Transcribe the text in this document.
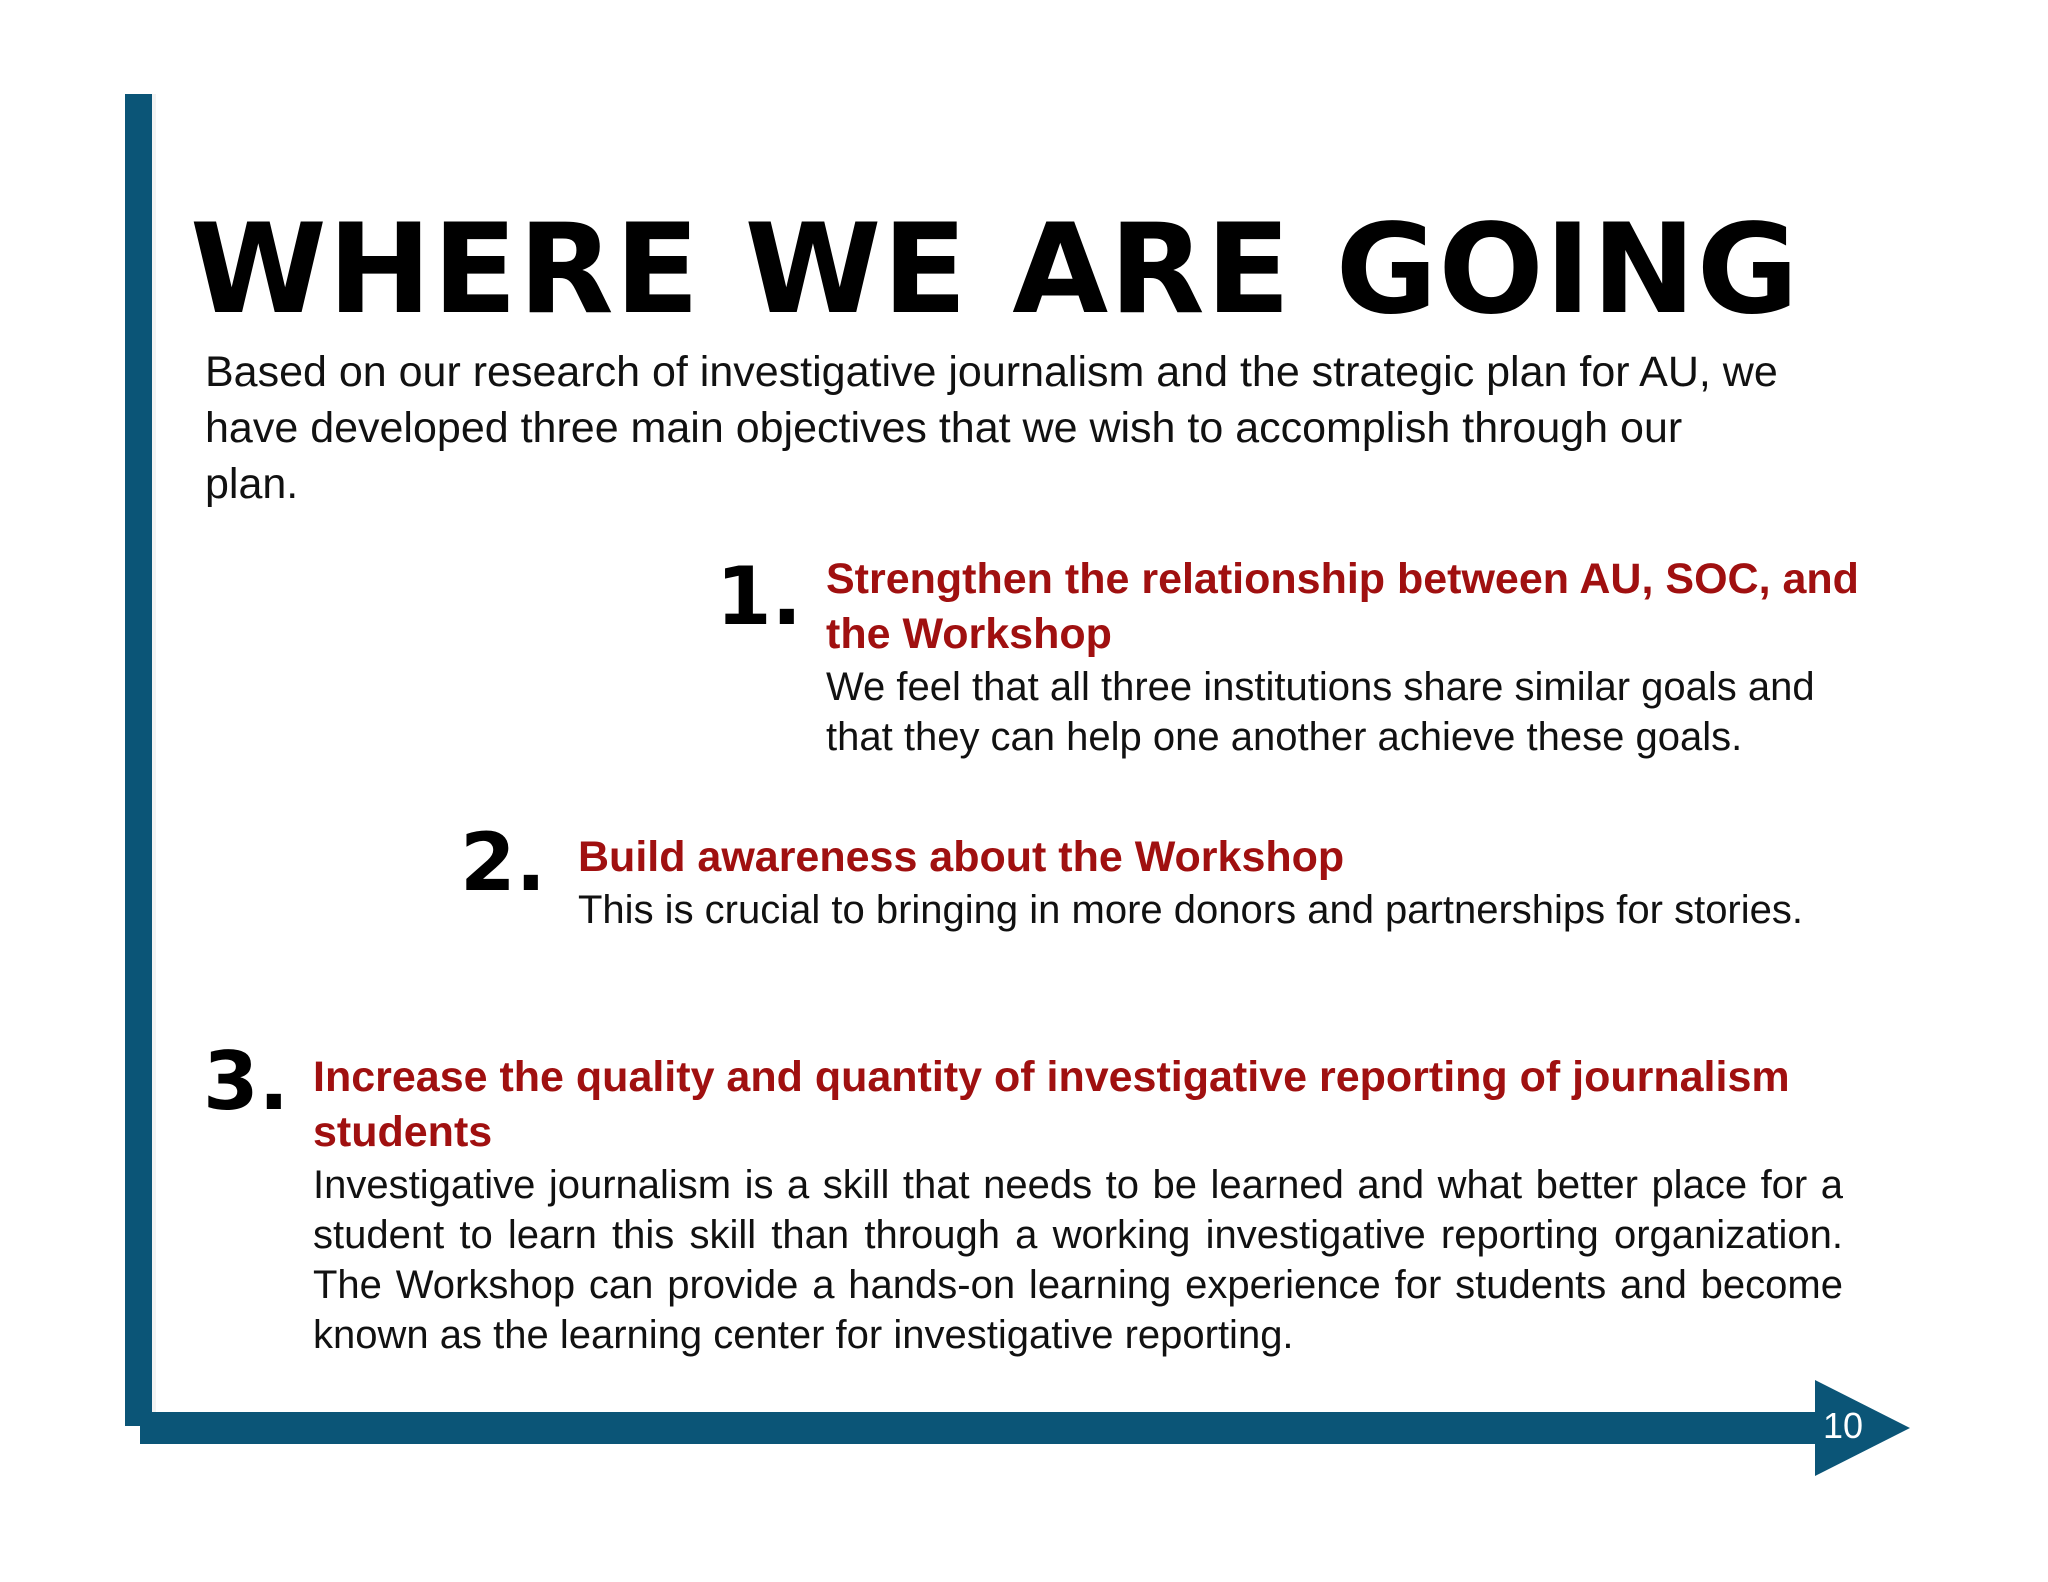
10
WHERE WE ARE GOING

Based on our research of investigative journalism and the strategic plan for AU, we have developed three main objectives that we wish to accomplish through our plan.

1. Strengthen the relationship between AU, SOC, and the Workshop

We feel that all three institutions share similar goals and that they can help one another achieve these goals.

2. Build awareness about the Workshop

This is crucial to bringing in more donors and partnerships for stories.

3. Increase the quality and quantity of investigative reporting of journalism students

Investigative journalism is a skill that needs to be learned and what better place for a student to learn this skill than through a working investigative reporting organization. The Workshop can provide a hands-on learning experience for students and become known as the learning center for investigative reporting.
